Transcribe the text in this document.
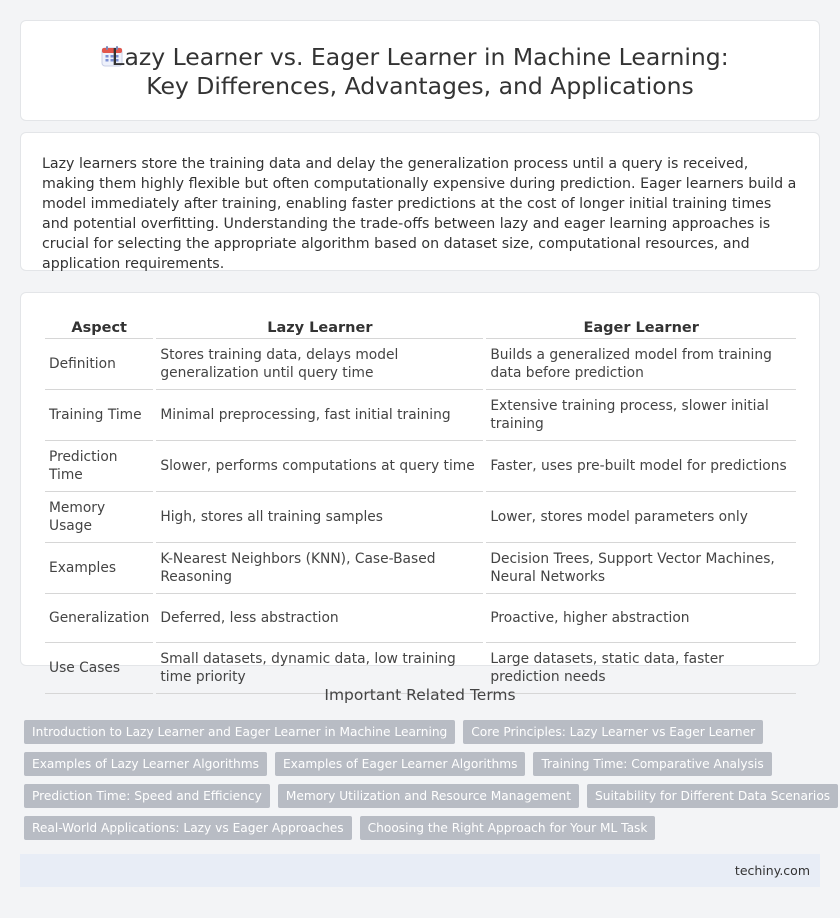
Lazy Learner vs. Eager Learner in Machine Learning: Key Differences, Advantages, and Applications

Lazy learners store the training data and delay the generalization process until a query is received, making them highly flexible but often computationally expensive during prediction. Eager learners build a model immediately after training, enabling faster predictions at the cost of longer initial training times and potential overfitting. Understanding the trade-offs between lazy and eager learning approaches is crucial for selecting the appropriate algorithm based on dataset size, computational resources, and application requirements.

Aspect	Lazy Learner	Eager Learner
Definition	Stores training data, delays model generalization until query time	Builds a generalized model from training data before prediction
Training Time	Minimal preprocessing, fast initial training	Extensive training process, slower initial training
Prediction Time	Slower, performs computations at query time	Faster, uses pre-built model for predictions
Memory Usage	High, stores all training samples	Lower, stores model parameters only
Examples	K-Nearest Neighbors (KNN), Case-Based Reasoning	Decision Trees, Support Vector Machines, Neural Networks
Generalization	Deferred, less abstraction	Proactive, higher abstraction
Use Cases	Small datasets, dynamic data, low training time priority	Large datasets, static data, faster prediction needs
Important Related Terms
Introduction to Lazy Learner and Eager Learner in Machine Learning	Core Principles: Lazy Learner vs Eager Learner
Examples of Lazy Learner Algorithms	Examples of Eager Learner Algorithms	Training Time: Comparative Analysis
Prediction Time: Speed and Efficiency	Memory Utilization and Resource Management	Suitability for Different Data Scenarios
Real-World Applications: Lazy vs Eager Approaches	Choosing the Right Approach for Your ML Task
techiny.com
